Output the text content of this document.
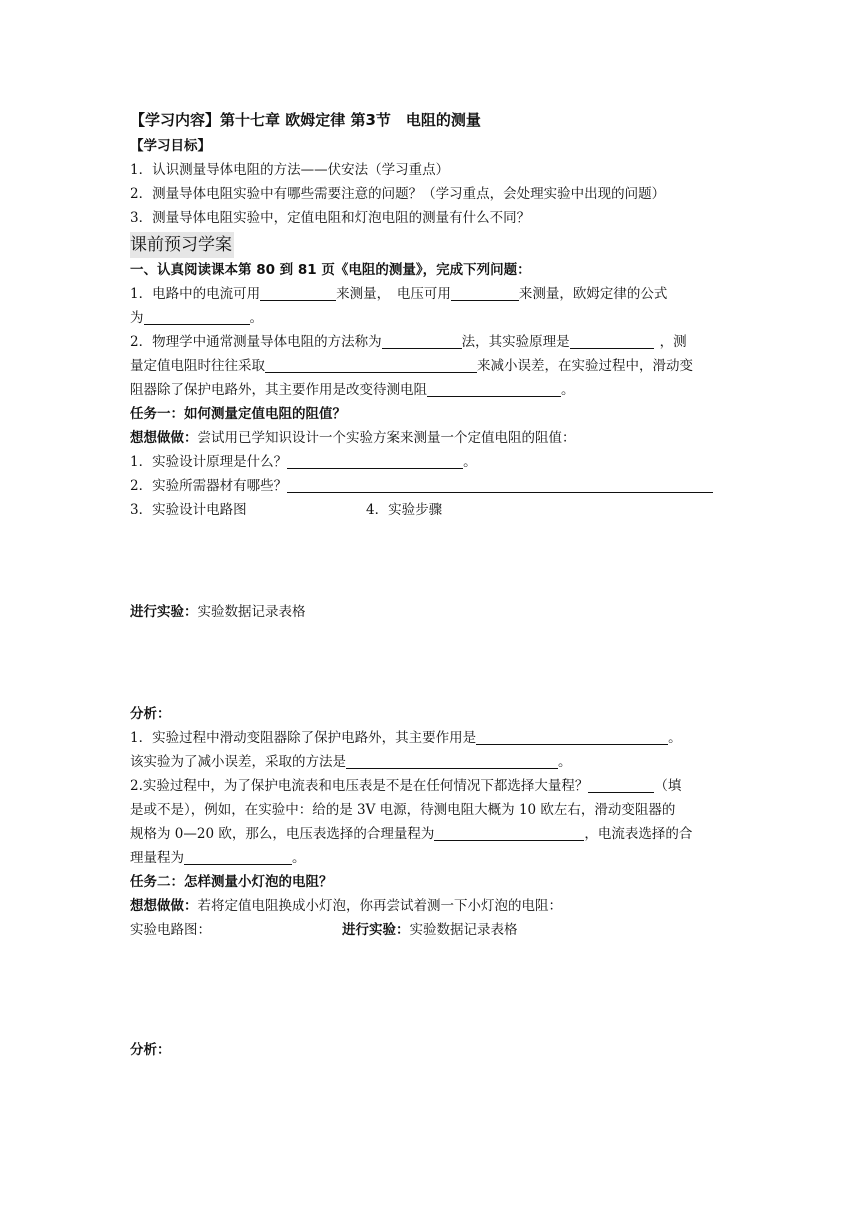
【学习内容】第十七章 欧姆定律 第3节　电阻的测量
【学习目标】
1．认识测量导体电阻的方法——伏安法（学习重点）
2．测量导体电阻实验中有哪些需要注意的问题？（学习重点，会处理实验中出现的问题）
3．测量导体电阻实验中，定值电阻和灯泡电阻的测量有什么不同？
课前预习学案
一、认真阅读课本第 80 到 81 页《电阻的测量》，完成下列问题：
1．电路中的电流可用	来测量，　电压可用	来测量，欧姆定律的公式
为	。
2．物理学中通常测量导体电阻的方法称为	法，其实验原理是	，测
量定值电阻时往往采取	来减小误差，在实验过程中，滑动变
阻器除了保护电路外，其主要作用是改变待测电阻	。
任务一：如何测量定值电阻的阻值？
想想做做：尝试用已学知识设计一个实验方案来测量一个定值电阻的阻值：
1．实验设计原理是什么？	。
2．实验所需器材有哪些？
3．实验设计电路图	4．实验步骤
进行实验：实验数据记录表格
分析：
1．实验过程中滑动变阻器除了保护电路外，其主要作用是	。
该实验为了减小误差，采取的方法是	。
2.实验过程中，为了保护电流表和电压表是不是在任何情况下都选择大量程？	（填
是或不是），例如，在实验中：给的是 3V 电源，待测电阻大概为 10 欧左右，滑动变阻器的
规格为 0—20 欧，那么，电压表选择的合理量程为	，电流表选择的合
理量程为	。
任务二：怎样测量小灯泡的电阻？
想想做做：若将定值电阻换成小灯泡，你再尝试着测一下小灯泡的电阻：
实验电路图：	进行实验：实验数据记录表格
分析：
